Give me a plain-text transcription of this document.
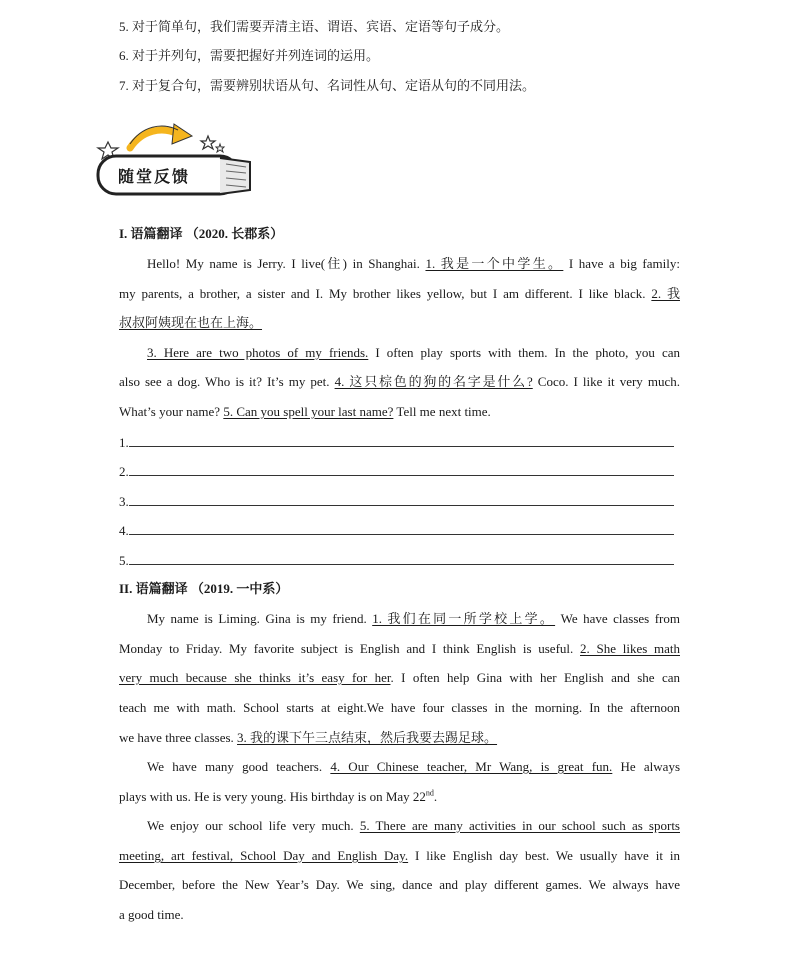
5. 对于简单句，我们需要弄清主语、谓语、宾语、定语等句子成分。
6. 对于并列句，需要把握好并列连词的运用。
7. 对于复合句，需要辨别状语从句、名词性从句、定语从句的不同用法。
随堂反馈
I. 语篇翻译 （2020. 长郡系）
Hello! My name is Jerry. I live(住) in Shanghai. 1. 我是一个中学生。 I have a big family:
my parents, a brother, a sister and I. My brother likes yellow, but I am different. I like black. 2. 我
叔叔阿姨现在也在上海。
3. Here are two photos of my friends. I often play sports with them. In the photo, you can
also see a dog. Who is it? It’s my pet. 4. 这只棕色的狗的名字是什么? Coco. I like it very much.
What’s your name? 5. Can you spell your last name? Tell me next time.
1.
2.
3.
4.
5.
II. 语篇翻译 （2019. 一中系）
My name is Liming. Gina is my friend. 1. 我们在同一所学校上学。 We have classes from
Monday to Friday. My favorite subject is English and I think English is useful. 2. She likes math
very much because she thinks it’s easy for her. I often help Gina with her English and she can
teach me with math. School starts at eight.We have four classes in the morning. In the afternoon
we have three classes. 3. 我的课下午三点结束，然后我要去踢足球。
We have many good teachers. 4. Our Chinese teacher, Mr Wang, is great fun. He always
plays with us. He is very young. His birthday is on May 22nd.
We enjoy our school life very much. 5. There are many activities in our school such as sports
meeting, art festival, School Day and English Day. I like English day best. We usually have it in
December, before the New Year’s Day. We sing, dance and play different games. We always have
a good time.
